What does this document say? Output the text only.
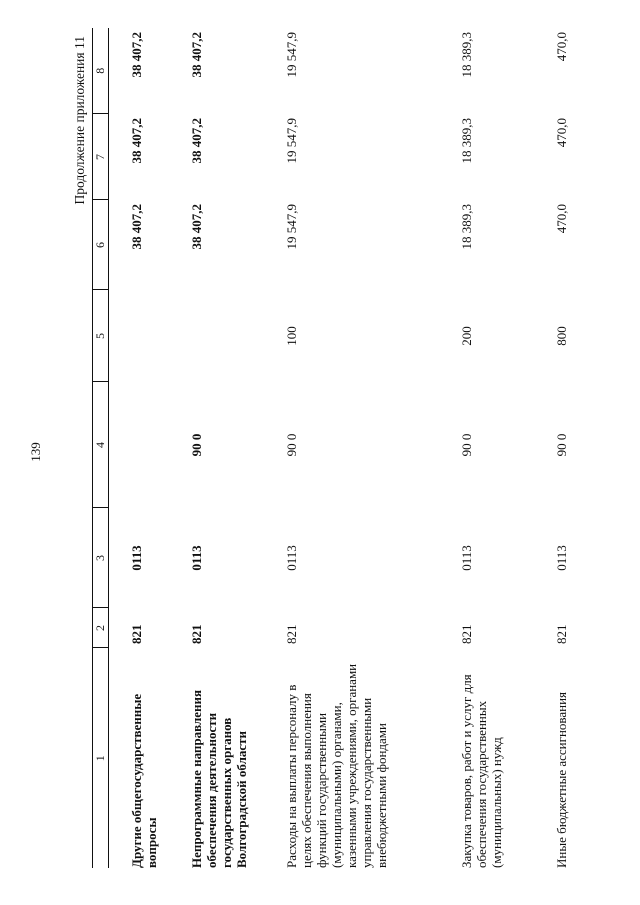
139
Продолжение приложения 11
1	2	3	4	5	6	7	8
Другие общегосударственные вопросы	821	0113			38 407,2	38 407,2	38 407,2
Непрограммные направления обеспечения деятельности государственных органов Волгоградской области	821	0113	90 0		38 407,2	38 407,2	38 407,2
Расходы на выплаты персоналу в целях обеспечения выполнения функций государственными (муниципальными) органами, казенными учреждениями, органами управления государственными внебюджетными фондами	821	0113	90 0	100	19 547,9	19 547,9	19 547,9
Закупка товаров, работ и услуг для обеспечения государственных (муниципальных) нужд	821	0113	90 0	200	18 389,3	18 389,3	18 389,3
Иные бюджетные ассигнования	821	0113	90 0	800	470,0	470,0	470,0
